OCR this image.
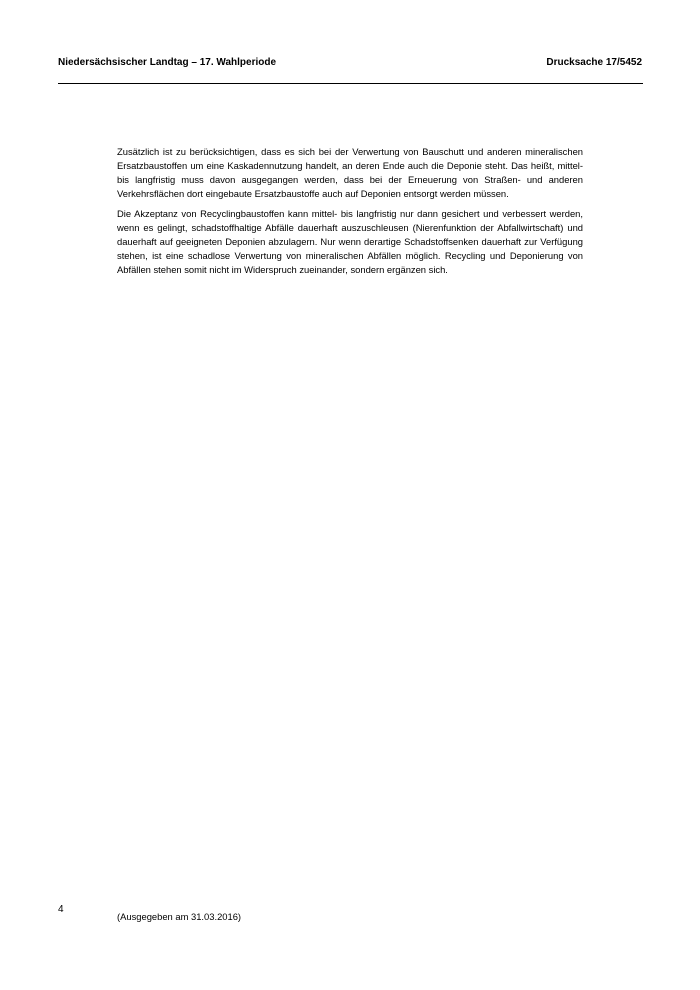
Niedersächsischer Landtag – 17. Wahlperiode	Drucksache 17/5452

Zusätzlich ist zu berücksichtigen, dass es sich bei der Verwertung von Bauschutt und anderen mineralischen Ersatzbaustoffen um eine Kaskadennutzung handelt, an deren Ende auch die Deponie steht. Das heißt, mittel- bis langfristig muss davon ausgegangen werden, dass bei der Erneuerung von Straßen- und anderen Verkehrsflächen dort eingebaute Ersatzbaustoffe auch auf Deponien entsorgt werden müssen.

Die Akzeptanz von Recyclingbaustoffen kann mittel- bis langfristig nur dann gesichert und verbessert werden, wenn es gelingt, schadstoffhaltige Abfälle dauerhaft auszuschleusen (Nierenfunktion der Abfallwirtschaft) und dauerhaft auf geeigneten Deponien abzulagern. Nur wenn derartige Schadstoffsenken dauerhaft zur Verfügung stehen, ist eine schadlose Verwertung von mineralischen Abfällen möglich. Recycling und Deponierung von Abfällen stehen somit nicht im Widerspruch zueinander, sondern ergänzen sich.

4
(Ausgegeben am 31.03.2016)
